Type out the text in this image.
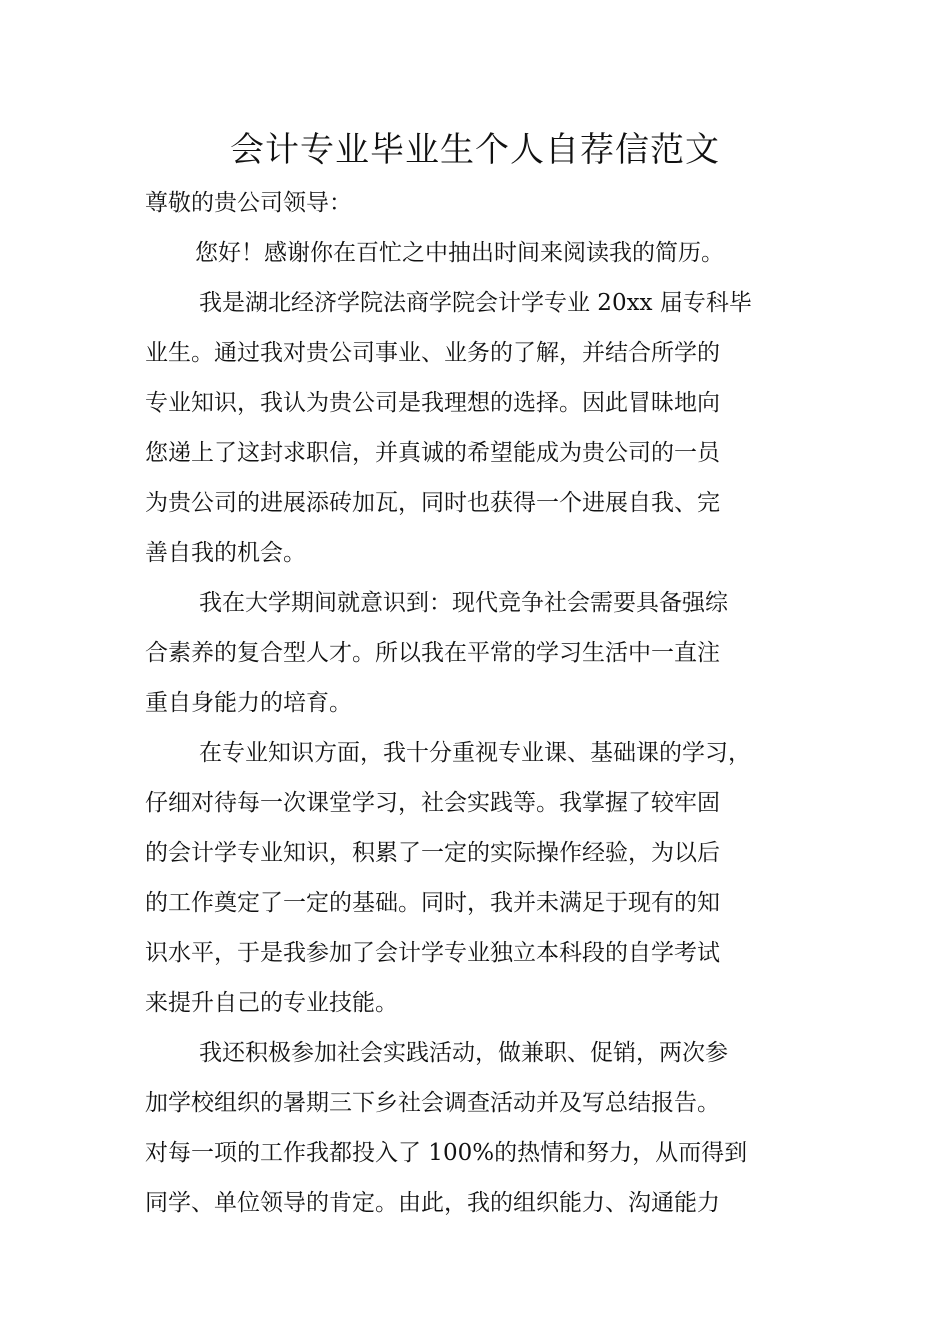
会计专业毕业生个人自荐信范文

尊敬的贵公司领导：

您好！感谢你在百忙之中抽出时间来阅读我的简历。

我是湖北经济学院法商学院会计学专业 20xx 届专科毕
业生。通过我对贵公司事业、业务的了解，并结合所学的
专业知识，我认为贵公司是我理想的选择。因此冒昧地向
您递上了这封求职信，并真诚的希望能成为贵公司的一员
为贵公司的进展添砖加瓦，同时也获得一个进展自我、完
善自我的机会。

我在大学期间就意识到：现代竞争社会需要具备强综
合素养的复合型人才。所以我在平常的学习生活中一直注
重自身能力的培育。

在专业知识方面，我十分重视专业课、基础课的学习，
仔细对待每一次课堂学习，社会实践等。我掌握了较牢固
的会计学专业知识，积累了一定的实际操作经验，为以后
的工作奠定了一定的基础。同时，我并未满足于现有的知
识水平，于是我参加了会计学专业独立本科段的自学考试
来提升自己的专业技能。

我还积极参加社会实践活动，做兼职、促销，两次参
加学校组织的暑期三下乡社会调查活动并及写总结报告。
对每一项的工作我都投入了 100%的热情和努力，从而得到
同学、单位领导的肯定。由此，我的组织能力、沟通能力
